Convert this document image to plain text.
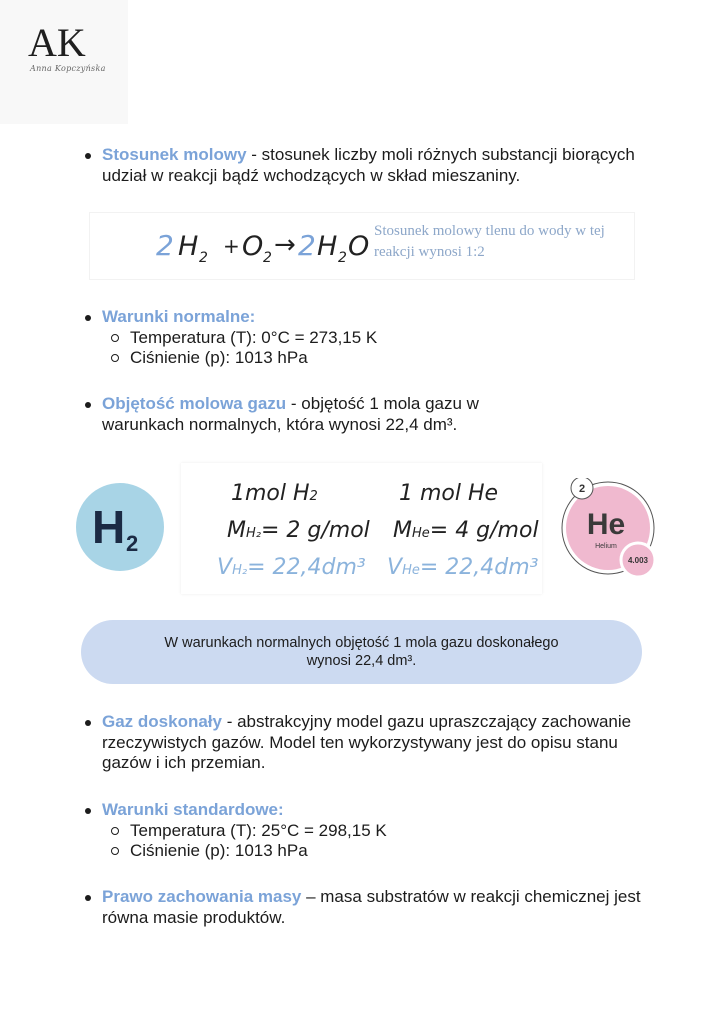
AK
Anna Kopczyńska
Stosunek molowy - stosunek liczby moli różnych substancji biorących udział w reakcji bądź wchodzących w skład mieszaniny.
2 H 2 + O 2 → 2 H 2 O Stosunek molowy tlenu do wody w tej reakcji wynosi 1:2
Warunki normalne:

Temperatura (T): 0°C = 273,15 K

Ciśnienie (p): 1013 hPa

Objętość molowa gazu - objętość 1 mola gazu w warunkach normalnych, która wynosi 22,4 dm³.
H 2
1mol H2
MH₂= 2 g/mol
VH₂= 22,4dm³
1 mol He
MHe= 4 g/mol
VHe= 22,4dm³
2
He
Helium
4.003
W warunkach normalnych objętość 1 mola gazu doskonałego
wynosi 22,4 dm³.
Gaz doskonały - abstrakcyjny model gazu upraszczający zachowanie rzeczywistych gazów. Model ten wykorzystywany jest do opisu stanu gazów i ich przemian.
Warunki standardowe:

Temperatura (T): 25°C = 298,15 K

Ciśnienie (p): 1013 hPa

Prawo zachowania masy – masa substratów w reakcji chemicznej jest równa masie produktów.
